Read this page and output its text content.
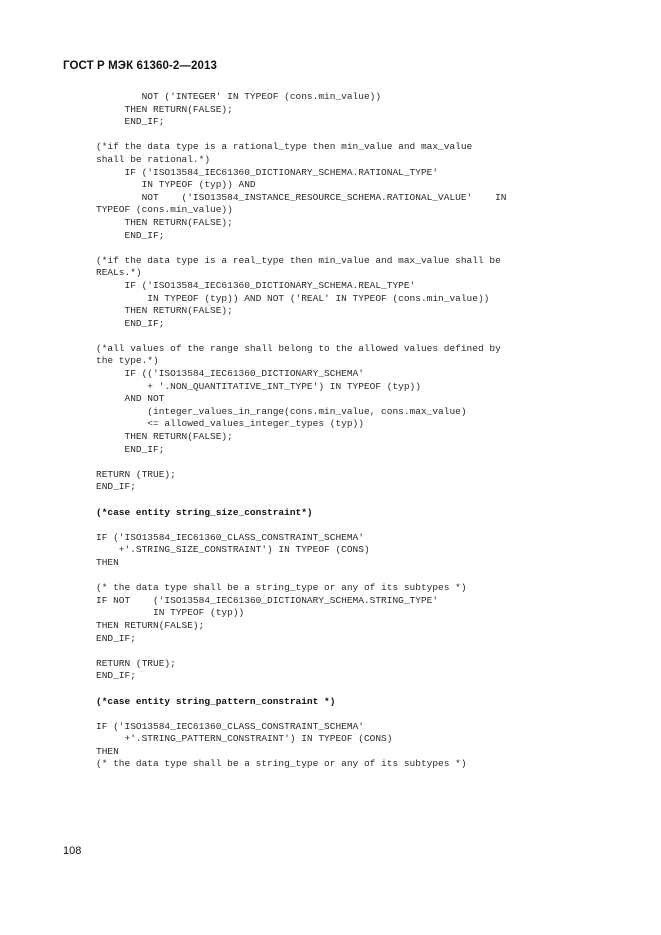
ГОСТ Р МЭК 61360-2—2013
NOT ('INTEGER' IN TYPEOF (cons.min_value))
THEN RETURN(FALSE);
END_IF;
(*if the data type is a rational_type then min_value and max_value
shall be rational.*)
IF ('ISO13584_IEC61360_DICTIONARY_SCHEMA.RATIONAL_TYPE'
IN TYPEOF (typ)) AND
NOT    ('ISO13584_INSTANCE_RESOURCE_SCHEMA.RATIONAL_VALUE'    IN
TYPEOF (cons.min_value))
THEN RETURN(FALSE);
END_IF;
(*if the data type is a real_type then min_value and max_value shall be
REALs.*)
IF ('ISO13584_IEC61360_DICTIONARY_SCHEMA.REAL_TYPE'
IN TYPEOF (typ)) AND NOT ('REAL' IN TYPEOF (cons.min_value))
THEN RETURN(FALSE);
END_IF;
(*all values of the range shall belong to the allowed values defined by
the type.*)
IF (('ISO13584_IEC61360_DICTIONARY_SCHEMA'
+ '.NON_QUANTITATIVE_INT_TYPE') IN TYPEOF (typ))
AND NOT
(integer_values_in_range(cons.min_value, cons.max_value)
<= allowed_values_integer_types (typ))
THEN RETURN(FALSE);
END_IF;
RETURN (TRUE);
END_IF;
(*case entity string_size_constraint*)
IF ('ISO13584_IEC61360_CLASS_CONSTRAINT_SCHEMA'
+'.STRING_SIZE_CONSTRAINT') IN TYPEOF (CONS)
THEN
(* the data type shall be a string_type or any of its subtypes *)
IF NOT    ('ISO13584_IEC61360_DICTIONARY_SCHEMA.STRING_TYPE'
IN TYPEOF (typ))
THEN RETURN(FALSE);
END_IF;
RETURN (TRUE);
END_IF;
(*case entity string_pattern_constraint *)
IF ('ISO13584_IEC61360_CLASS_CONSTRAINT_SCHEMA'
+'.STRING_PATTERN_CONSTRAINT') IN TYPEOF (CONS)
THEN
(* the data type shall be a string_type or any of its subtypes *)
108
